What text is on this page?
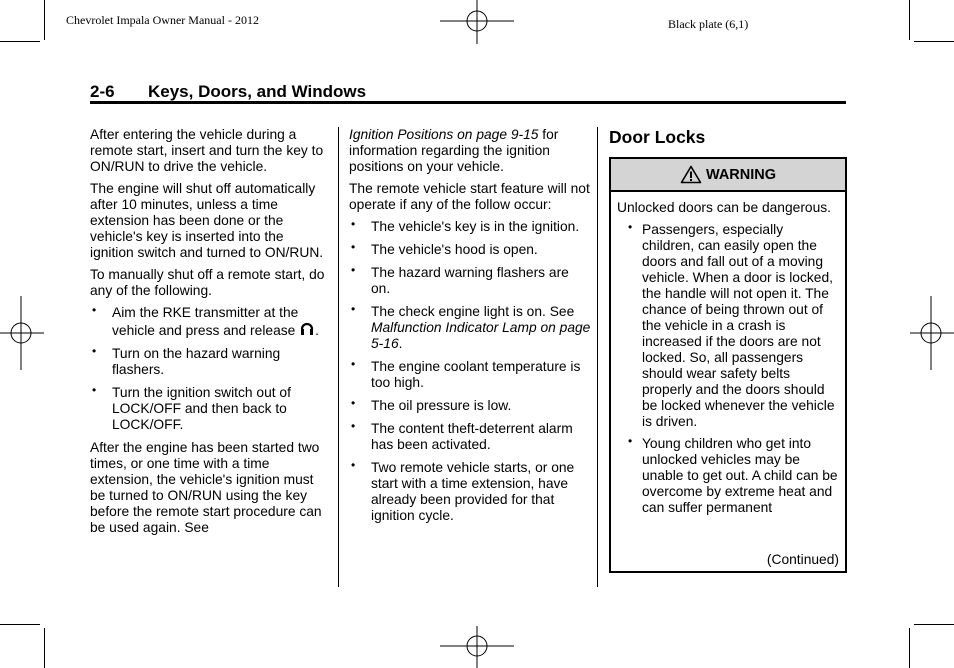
Chevrolet Impala Owner Manual - 2012	Black plate (6,1)
2-6 Keys, Doors, and Windows

After entering the vehicle during a remote start, insert and turn the key to ON/RUN to drive the vehicle.

The engine will shut off automatically after 10 minutes, unless a time extension has been done or the vehicle's key is inserted into the ignition switch and turned to ON/RUN.

To manually shut off a remote start, do any of the following.

• Aim the RKE transmitter at the vehicle and press and release .
• Turn on the hazard warning flashers.
• Turn the ignition switch out of LOCK/OFF and then back to LOCK/OFF.

After the engine has been started two times, or one time with a time extension, the vehicle's ignition must be turned to ON/RUN using the key before the remote start procedure can be used again. See

Ignition Positions on page 9-15 for information regarding the ignition positions on your vehicle.

The remote vehicle start feature will not operate if any of the follow occur:

• The vehicle's key is in the ignition.
• The vehicle's hood is open.
• The hazard warning flashers are on.
• The check engine light is on. See Malfunction Indicator Lamp on page 5-16.
• The engine coolant temperature is too high.
• The oil pressure is low.
• The content theft-deterrent alarm has been activated.
• Two remote vehicle starts, or one start with a time extension, have already been provided for that ignition cycle.
Door Locks
WARNING

Unlocked doors can be dangerous.

• Passengers, especially children, can easily open the doors and fall out of a moving vehicle. When a door is locked, the handle will not open it. The chance of being thrown out of the vehicle in a crash is increased if the doors are not locked. So, all passengers should wear safety belts properly and the doors should be locked whenever the vehicle is driven.
• Young children who get into unlocked vehicles may be unable to get out. A child can be overcome by extreme heat and can suffer permanent
(Continued)
